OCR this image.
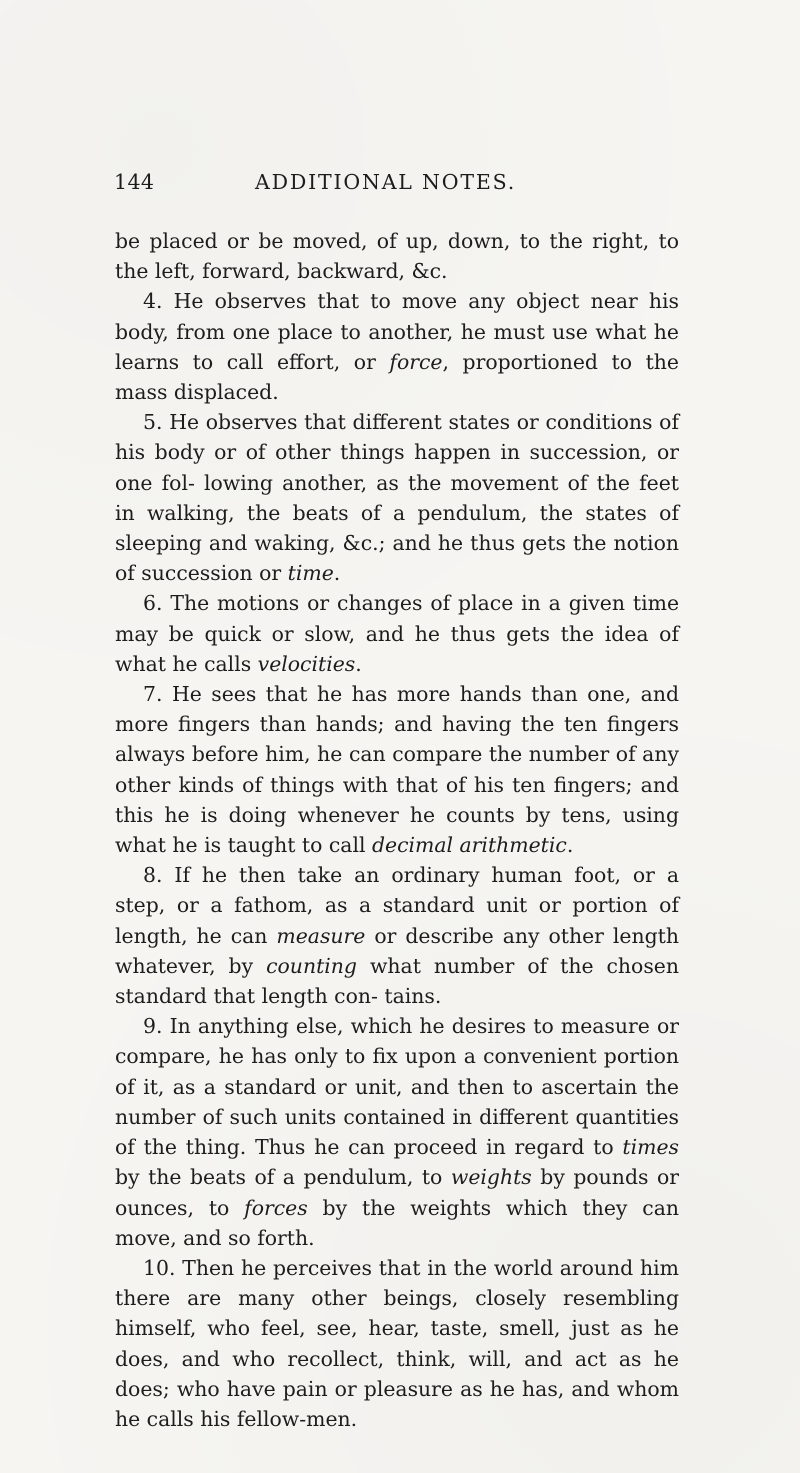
144	ADDITIONAL NOTES.

be placed or be moved, of up, down, to the right, to the left, forward, backward, &c.

4. He observes that to move any object near his body, from one place to another, he must use what he learns to call effort, or force, proportioned to the mass displaced.

5. He observes that different states or conditions of his body or of other things happen in succession, or one fol- lowing another, as the movement of the feet in walking, the beats of a pendulum, the states of sleeping and waking, &c.; and he thus gets the notion of succession or time.

6. The motions or changes of place in a given time may be quick or slow, and he thus gets the idea of what he calls velocities.

7. He sees that he has more hands than one, and more fingers than hands; and having the ten fingers always before him, he can compare the number of any other kinds of things with that of his ten fingers; and this he is doing whenever he counts by tens, using what he is taught to call decimal arithmetic.

8. If he then take an ordinary human foot, or a step, or a fathom, as a standard unit or portion of length, he can measure or describe any other length whatever, by counting what number of the chosen standard that length con- tains.

9. In anything else, which he desires to measure or compare, he has only to fix upon a convenient portion of it, as a standard or unit, and then to ascertain the number of such units contained in different quantities of the thing. Thus he can proceed in regard to times by the beats of a pendulum, to weights by pounds or ounces, to forces by the weights which they can move, and so forth.

10. Then he perceives that in the world around him there are many other beings, closely resembling himself, who feel, see, hear, taste, smell, just as he does, and who recollect, think, will, and act as he does; who have pain or pleasure as he has, and whom he calls his fellow-men.
